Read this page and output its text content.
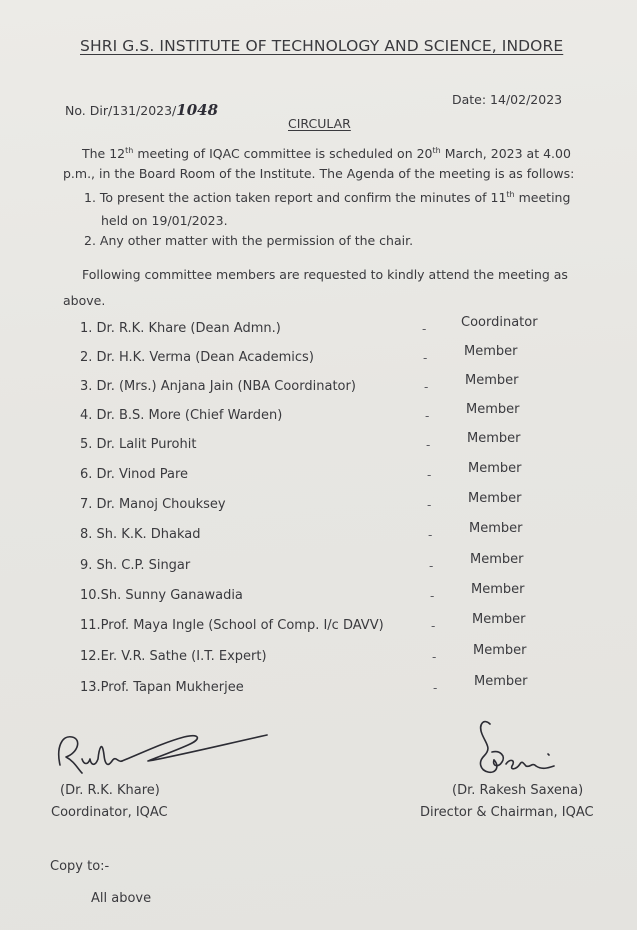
SHRI G.S. INSTITUTE OF TECHNOLOGY AND SCIENCE, INDORE
No. Dir/131/2023/1048
Date: 14/02/2023
CIRCULAR
The 12th meeting of IQAC committee is scheduled on 20th March, 2023 at 4.00
p.m., in the Board Room of the Institute. The Agenda of the meeting is as follows:
1. To present the action taken report and confirm the minutes of 11th meeting
held on 19/01/2023.
2. Any other matter with the permission of the chair.
Following committee members are requested to kindly attend the meeting as
above.
1. Dr. R.K. Khare (Dean Admn.)	-	Coordinator
2. Dr. H.K. Verma (Dean Academics)	-	Member
3. Dr. (Mrs.) Anjana Jain (NBA Coordinator)	-	Member
4. Dr. B.S. More (Chief Warden)	-	Member
5. Dr. Lalit Purohit	-	Member
6. Dr. Vinod Pare	-	Member
7. Dr. Manoj Chouksey	-	Member
8. Sh. K.K. Dhakad	-	Member
9. Sh. C.P. Singar	-	Member
10.Sh. Sunny Ganawadia	-	Member
11.Prof. Maya Ingle (School of Comp. I/c DAVV)	-	Member
12.Er. V.R. Sathe (I.T. Expert)	-	Member
13.Prof. Tapan Mukherjee	-	Member
(Dr. R.K. Khare)
Coordinator, IQAC
(Dr. Rakesh Saxena)
Director & Chairman, IQAC
Copy to:-
All above
